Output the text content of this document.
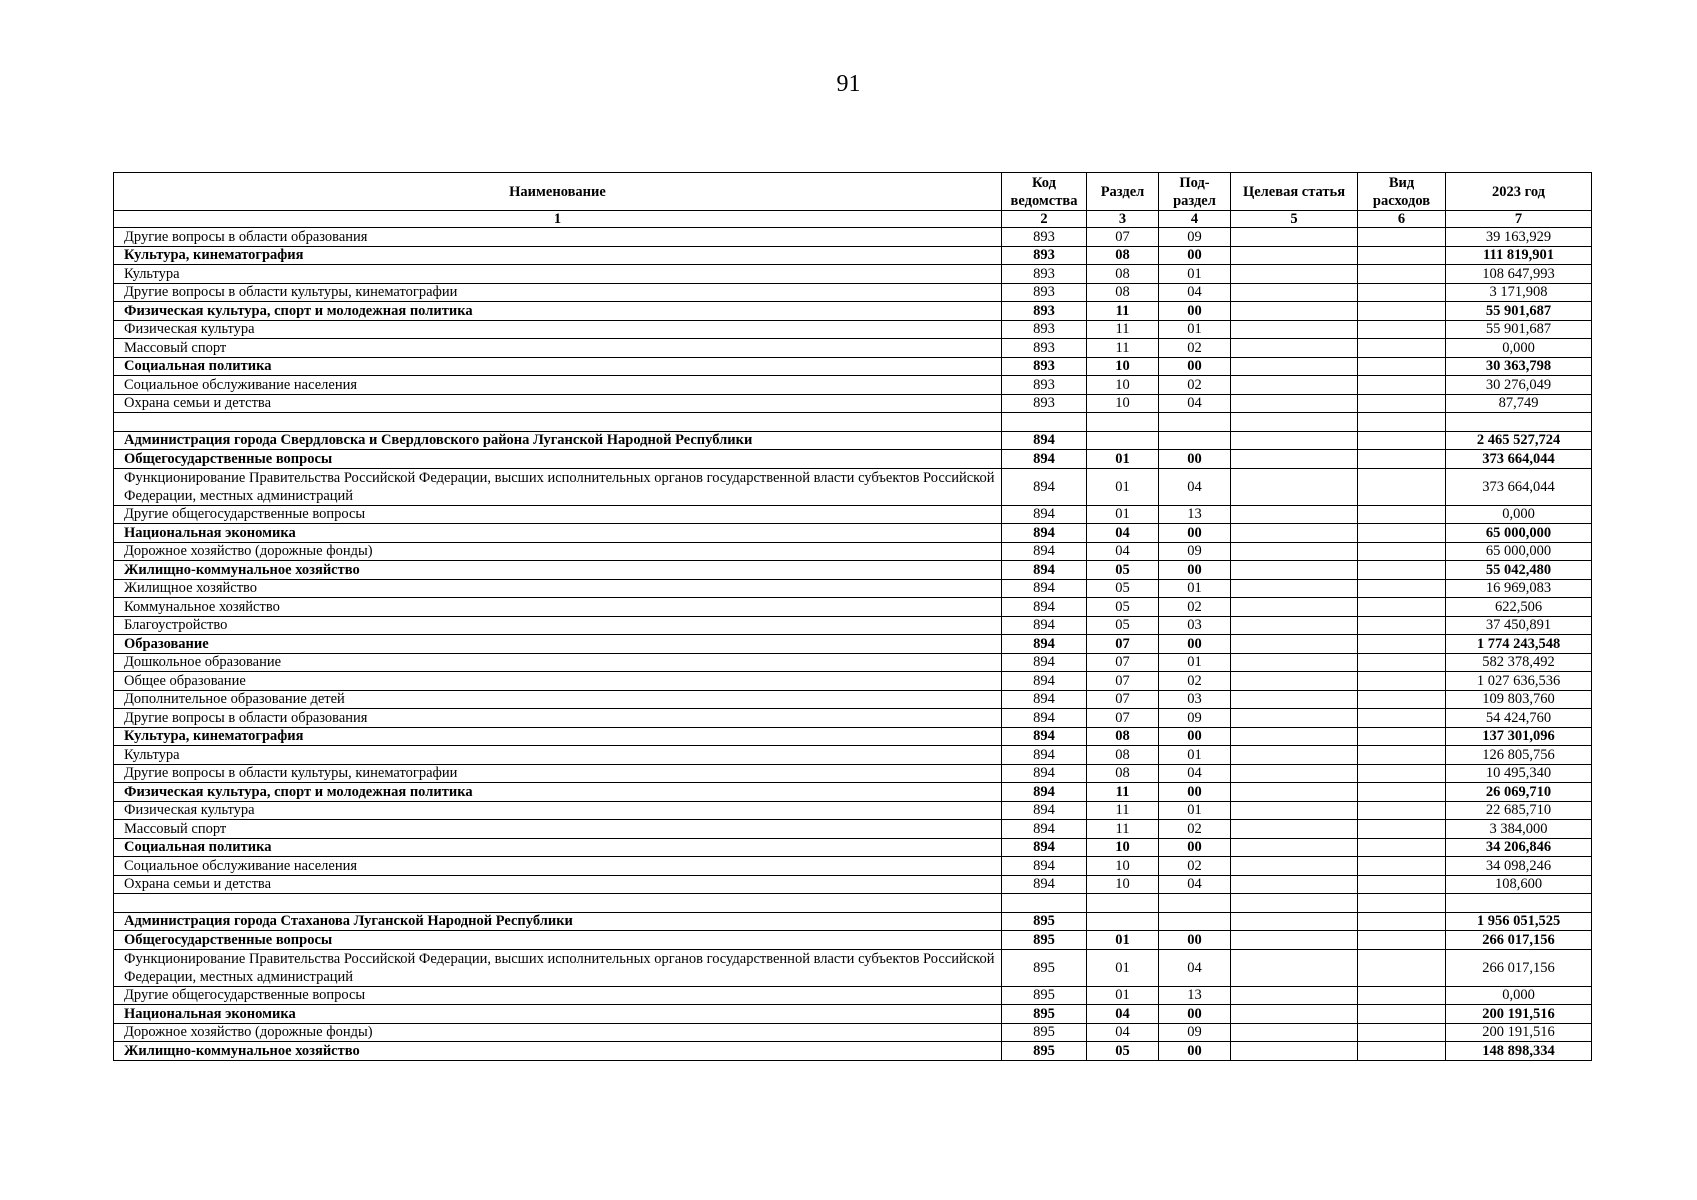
91
Наименование	Код ведомства	Раздел	Под-раздел	Целевая статья	Вид расходов	2023 год
1	2	3	4	5	6	7
Другие вопросы в области образования	893	07	09			39 163,929
Культура, кинематография	893	08	00			111 819,901
Культура	893	08	01			108 647,993
Другие вопросы в области культуры, кинематографии	893	08	04			3 171,908
Физическая культура, спорт и молодежная политика	893	11	00			55 901,687
Физическая культура	893	11	01			55 901,687
Массовый спорт	893	11	02			0,000
Социальная политика	893	10	00			30 363,798
Социальное обслуживание населения	893	10	02			30 276,049
Охрана семьи и детства	893	10	04			87,749

Администрация города Свердловска и Свердловского района Луганской Народной Республики	894					2 465 527,724
Общегосударственные вопросы	894	01	00			373 664,044
Функционирование Правительства Российской Федерации, высших исполнительных органов государственной власти субъектов Российской Федерации, местных администраций	894	01	04			373 664,044
Другие общегосударственные вопросы	894	01	13			0,000
Национальная экономика	894	04	00			65 000,000
Дорожное хозяйство (дорожные фонды)	894	04	09			65 000,000
Жилищно-коммунальное хозяйство	894	05	00			55 042,480
Жилищное хозяйство	894	05	01			16 969,083
Коммунальное хозяйство	894	05	02			622,506
Благоустройство	894	05	03			37 450,891
Образование	894	07	00			1 774 243,548
Дошкольное образование	894	07	01			582 378,492
Общее образование	894	07	02			1 027 636,536
Дополнительное образование детей	894	07	03			109 803,760
Другие вопросы в области образования	894	07	09			54 424,760
Культура, кинематография	894	08	00			137 301,096
Культура	894	08	01			126 805,756
Другие вопросы в области культуры, кинематографии	894	08	04			10 495,340
Физическая культура, спорт и молодежная политика	894	11	00			26 069,710
Физическая культура	894	11	01			22 685,710
Массовый спорт	894	11	02			3 384,000
Социальная политика	894	10	00			34 206,846
Социальное обслуживание населения	894	10	02			34 098,246
Охрана семьи и детства	894	10	04			108,600

Администрация города Стаханова Луганской Народной Республики	895					1 956 051,525
Общегосударственные вопросы	895	01	00			266 017,156
Функционирование Правительства Российской Федерации, высших исполнительных органов государственной власти субъектов Российской Федерации, местных администраций	895	01	04			266 017,156
Другие общегосударственные вопросы	895	01	13			0,000
Национальная экономика	895	04	00			200 191,516
Дорожное хозяйство (дорожные фонды)	895	04	09			200 191,516
Жилищно-коммунальное хозяйство	895	05	00			148 898,334
